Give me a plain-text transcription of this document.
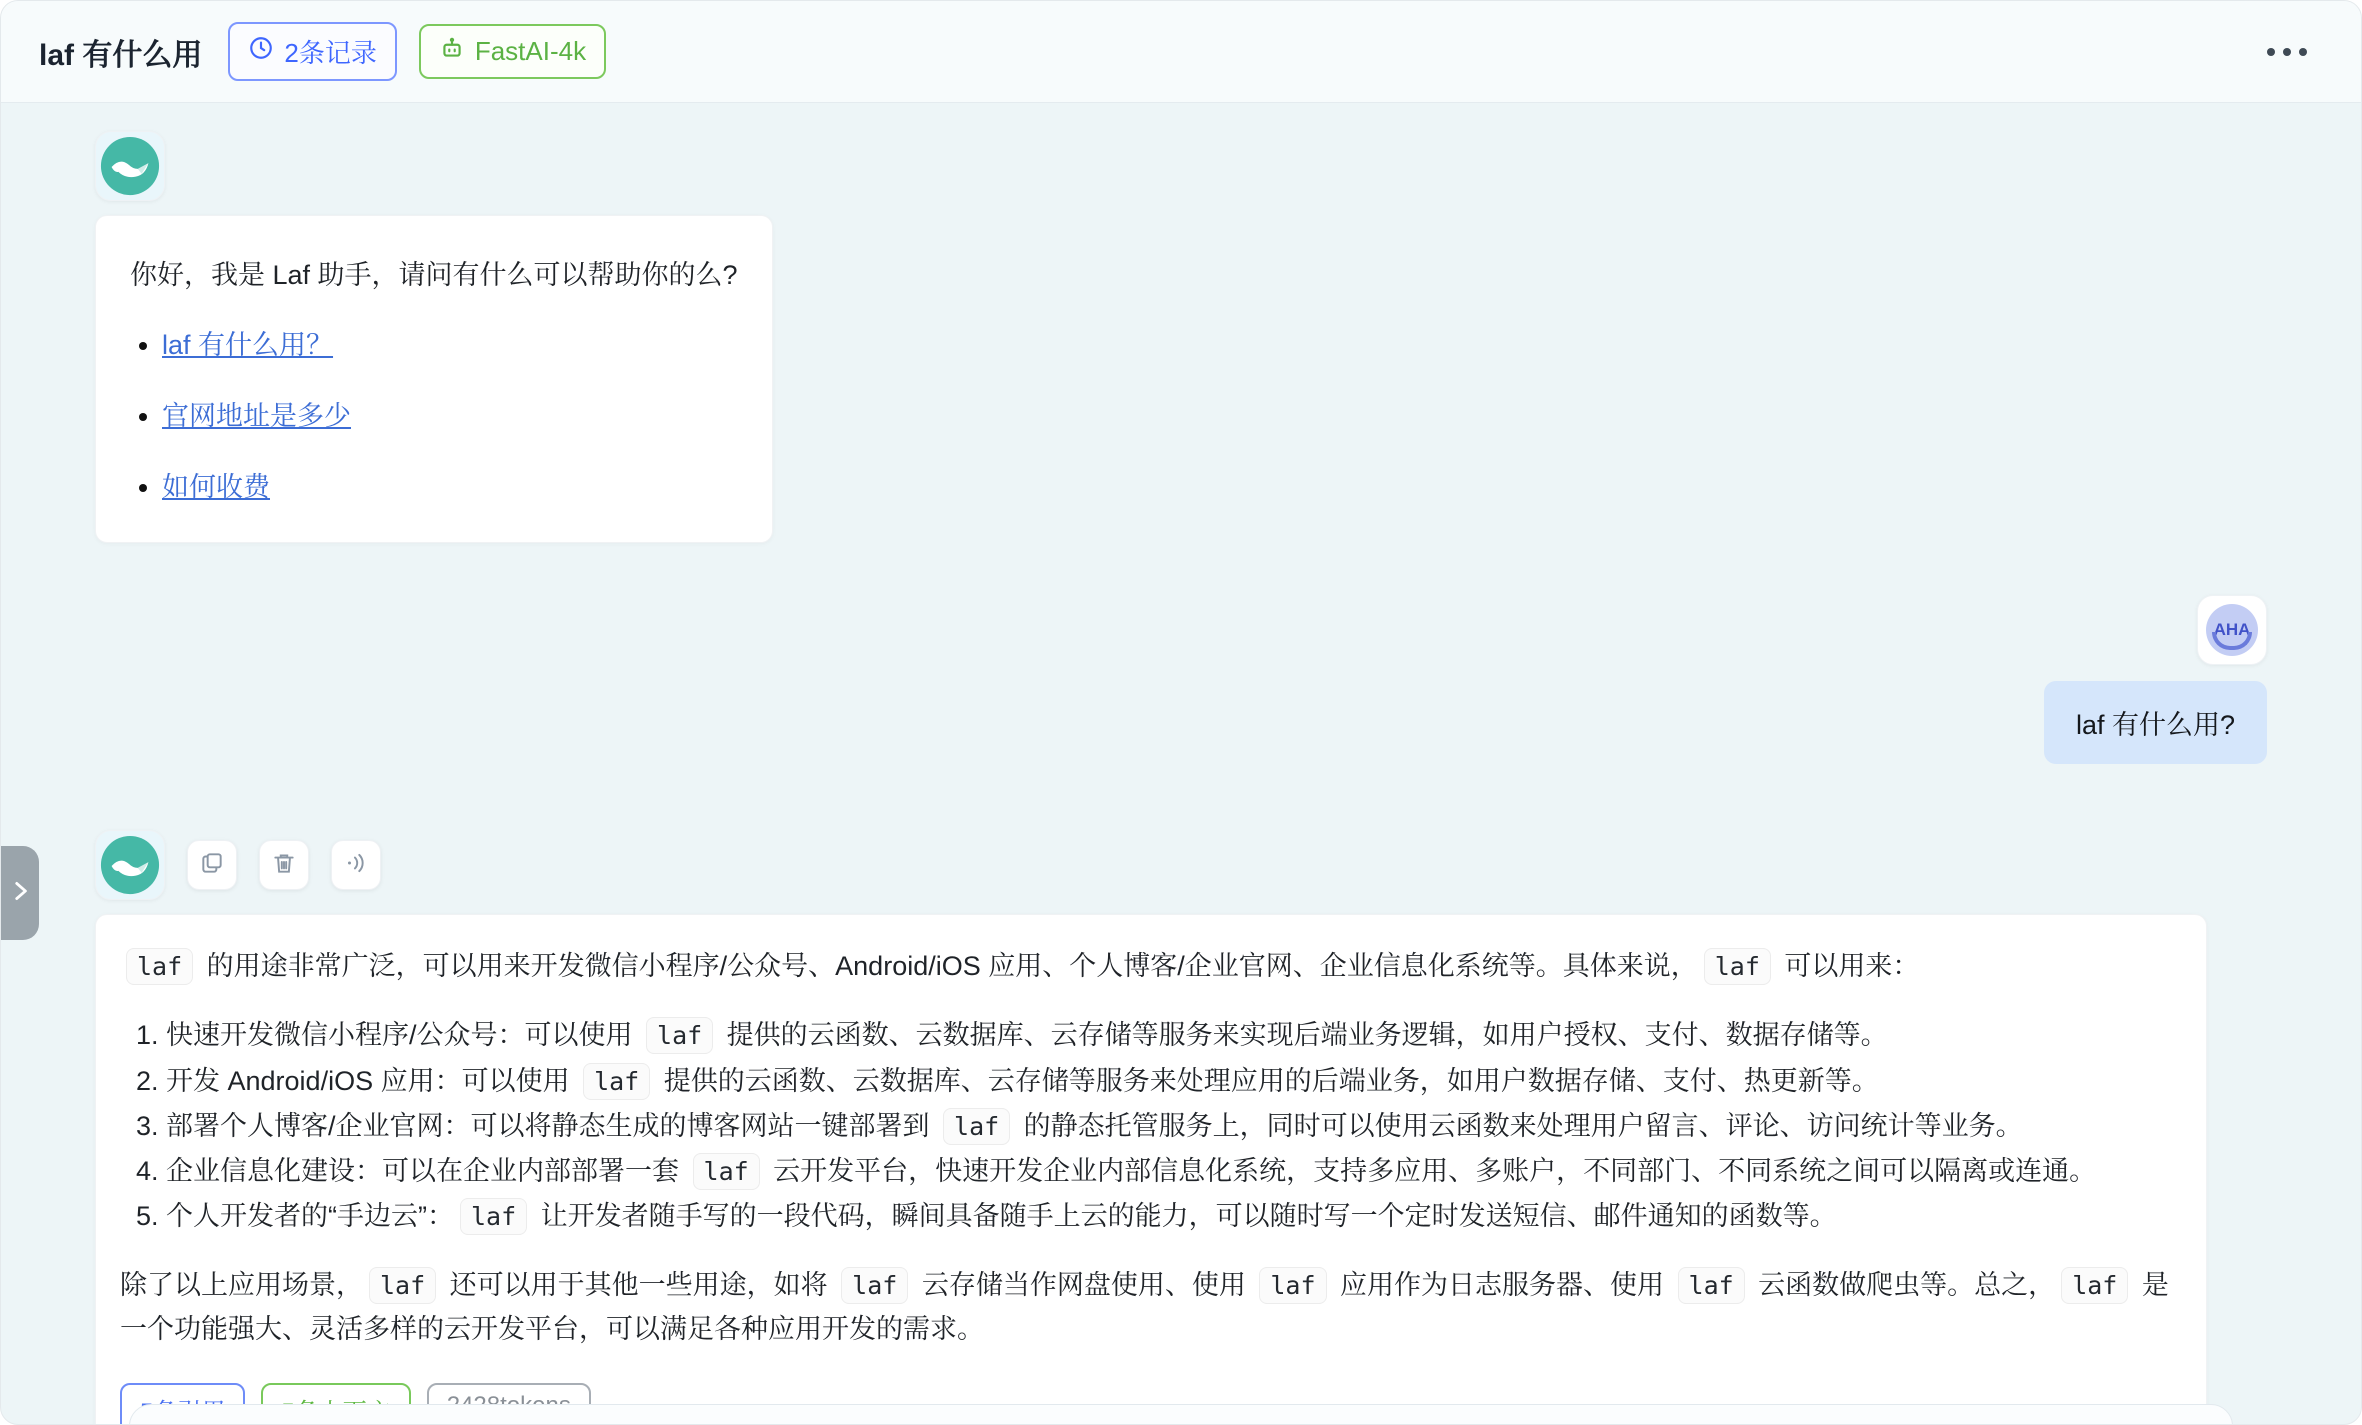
laf 有什么用	2条记录	FastAI-4k
你好，我是 Laf 助手，请问有什么可以帮助你的么?
• laf 有什么用？
• 官网地址是多少
• 如何收费
AHA
laf 有什么用?

laf 的用途非常广泛，可以用来开发微信小程序/公众号、Android/iOS 应用、个人博客/企业官网、企业信息化系统等。具体来说， laf 可以用来：

1. 快速开发微信小程序/公众号：可以使用 laf 提供的云函数、云数据库、云存储等服务来实现后端业务逻辑，如用户授权、支付、数据存储等。
2. 开发 Android/iOS 应用：可以使用 laf 提供的云函数、云数据库、云存储等服务来处理应用的后端业务，如用户数据存储、支付、热更新等。
3. 部署个人博客/企业官网：可以将静态生成的博客网站一键部署到 laf 的静态托管服务上，同时可以使用云函数来处理用户留言、评论、访问统计等业务。
4. 企业信息化建设：可以在企业内部部署一套 laf 云开发平台，快速开发企业内部信息化系统，支持多应用、多账户，不同部门、不同系统之间可以隔离或连通。
5. 个人开发者的“手边云”： laf 让开发者随手写的一段代码，瞬间具备随手上云的能力，可以随时写一个定时发送短信、邮件通知的函数等。

除了以上应用场景， laf 还可以用于其他一些用途，如将 laf 云存储当作网盘使用、使用 laf 应用作为日志服务器、使用 laf 云函数做爬虫等。总之， laf 是一个功能强大、灵活多样的云开发平台，可以满足各种应用开发的需求。
